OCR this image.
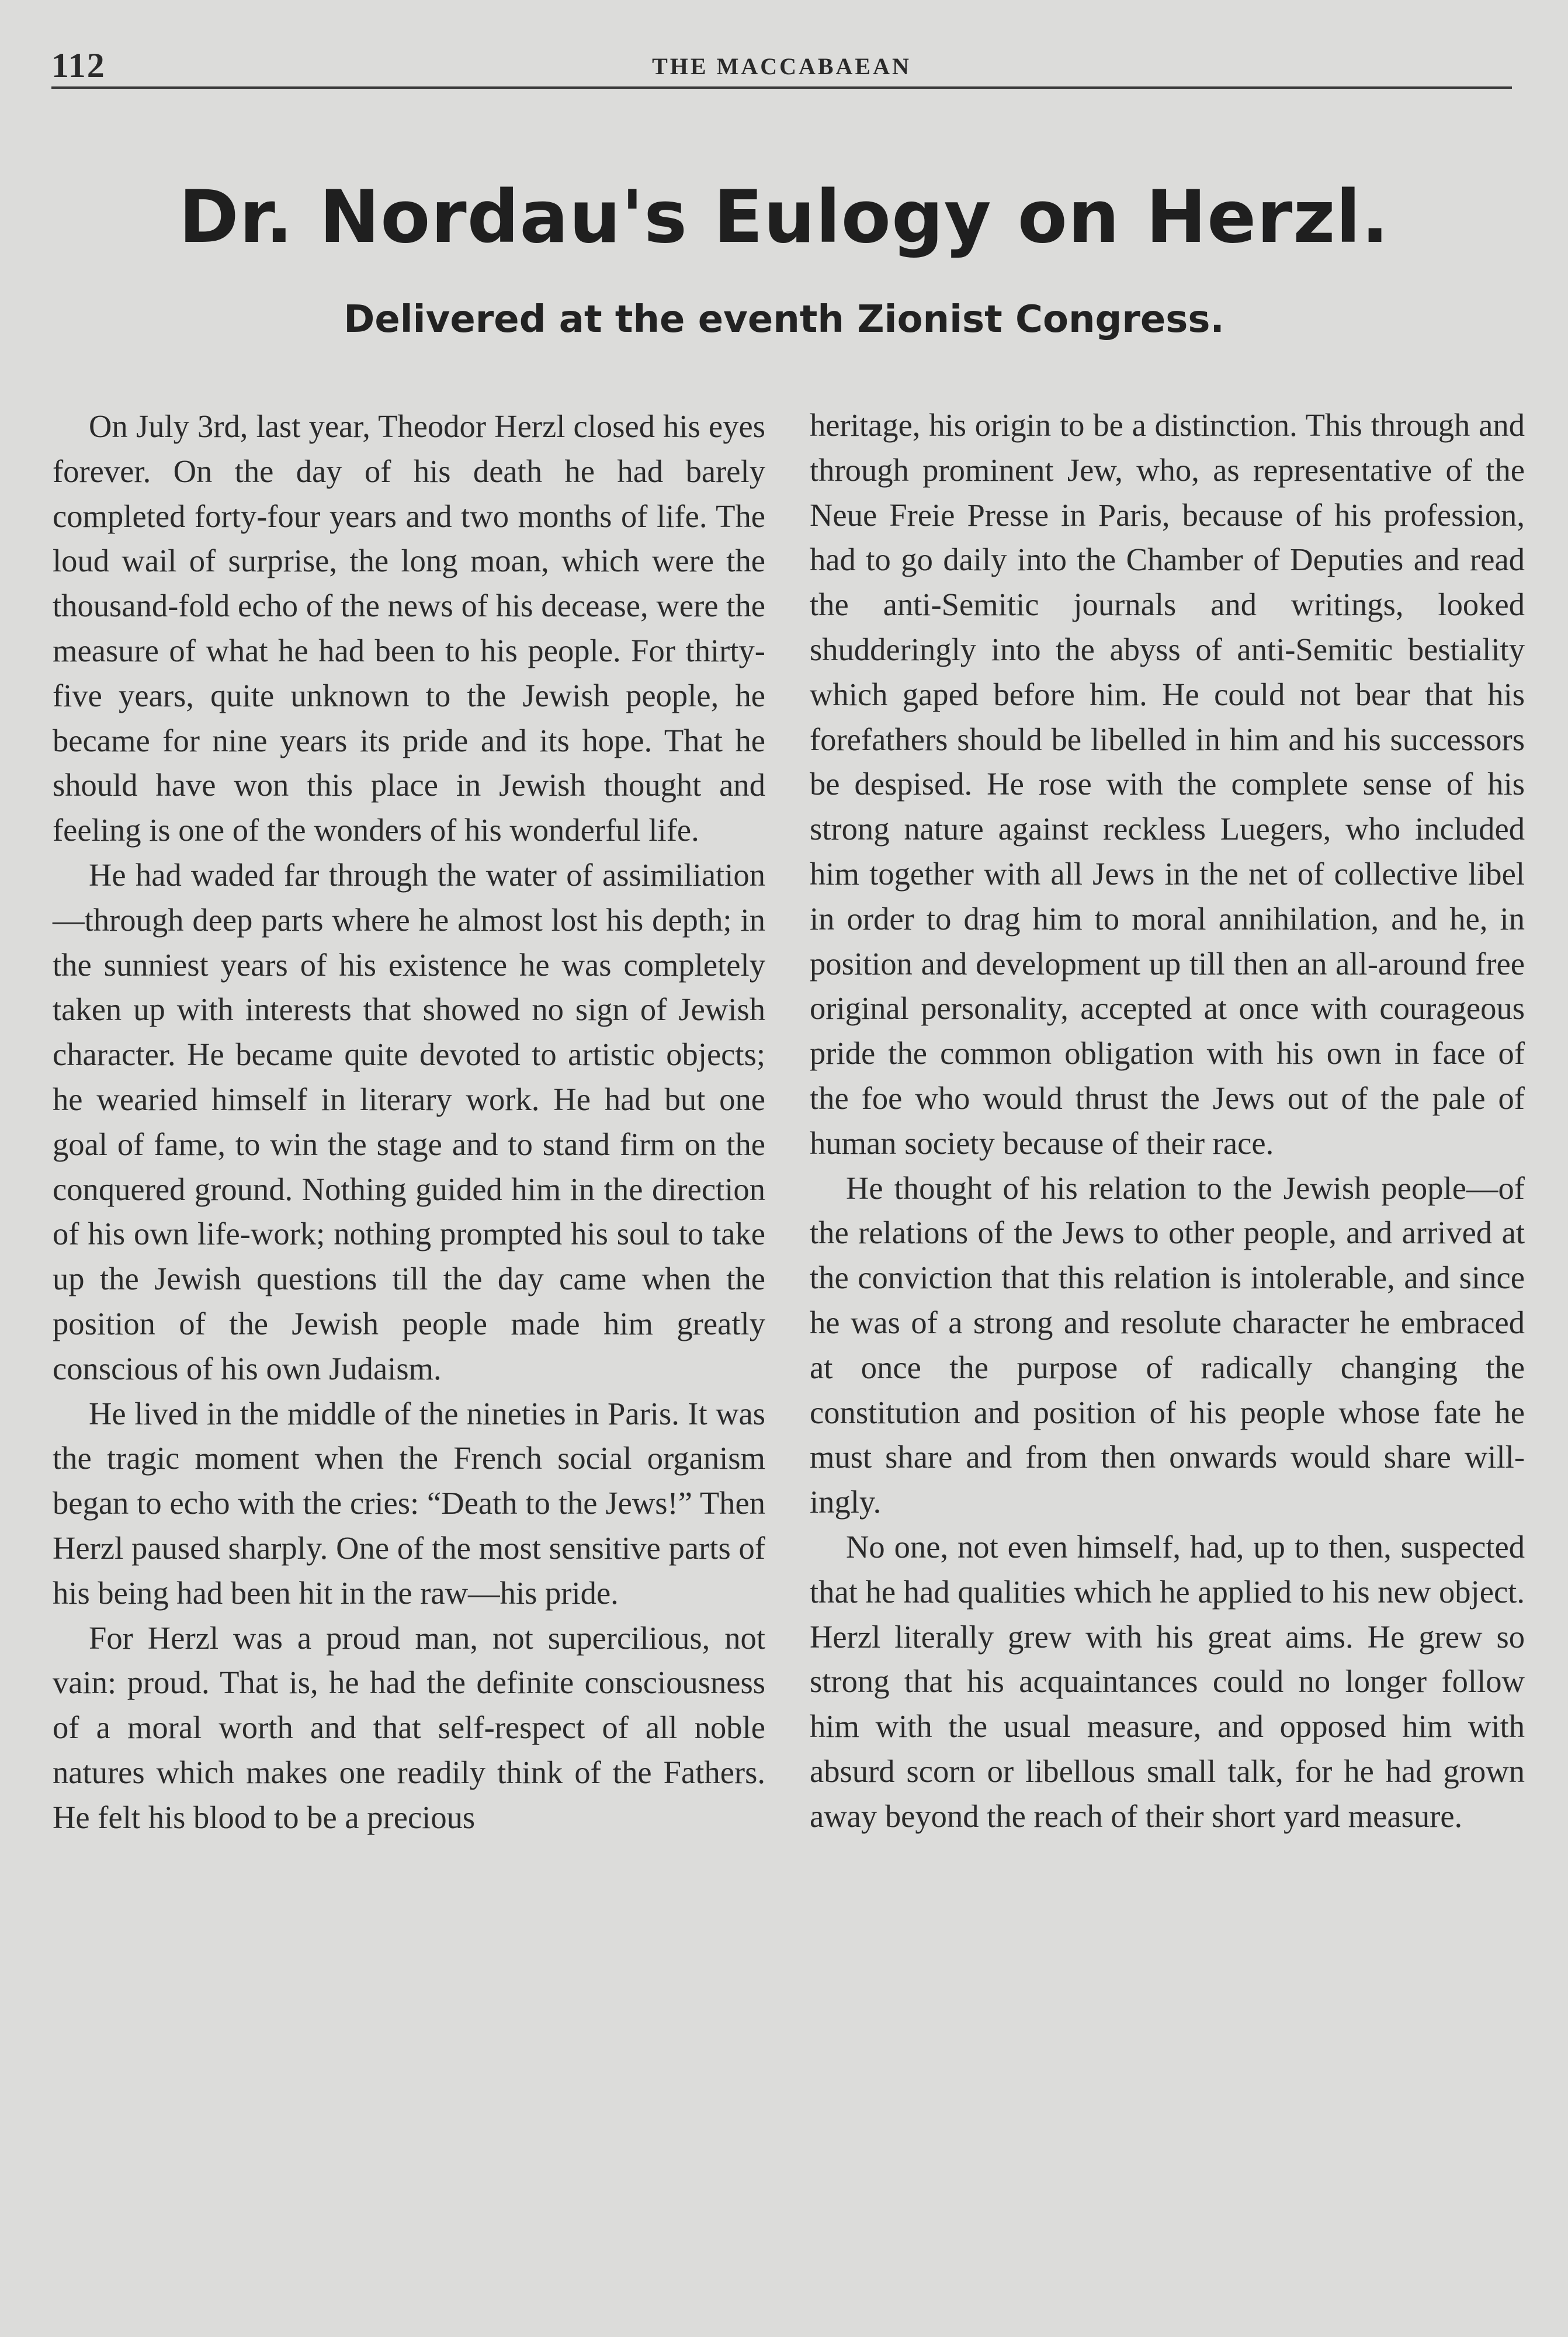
112	THE MACCABAEAN
Dr. Nordau's Eulogy on Herzl.
Delivered at the eventh Zionist Congress.

On July 3rd, last year, Theodor Herzl closed his eyes forever. On the day of his death he had barely completed forty-four years and two months of life. The loud wail of surprise, the long moan, which were the thousand-fold echo of the news of his decease, were the measure of what he had been to his people. For thirty-five years, quite unknown to the Jewish people, he became for nine years its pride and its hope. That he should have won this place in Jewish thought and feeling is one of the wonders of his wonderful life.

He had waded far through the water of assimiliation—through deep parts where he almost lost his depth; in the sunniest years of his existence he was completely taken up with interests that showed no sign of Jewish character. He became quite devoted to artistic objects; he wearied himself in literary work. He had but one goal of fame, to win the stage and to stand firm on the conquered ground. Nothing guided him in the direction of his own life-work; nothing prompted his soul to take up the Jewish questions till the day came when the position of the Jewish people made him greatly conscious of his own Judaism.

He lived in the middle of the nineties in Paris. It was the tragic moment when the French social organism began to echo with the cries: “Death to the Jews!” Then Herzl paused sharply. One of the most sensitive parts of his being had been hit in the raw—his pride.

For Herzl was a proud man, not supercilious, not vain: proud. That is, he had the definite consciousness of a moral worth and that self-respect of all noble natures which makes one readily think of the Fathers. He felt his blood to be a precious

heritage, his origin to be a distinction. This through and through prominent Jew, who, as representative of the Neue Freie Presse in Paris, because of his profession, had to go daily into the Chamber of Deputies and read the anti-Semitic journals and writings, looked shudderingly into the abyss of anti-Semitic bestiality which gaped before him. He could not bear that his forefathers should be libelled in him and his successors be despised. He rose with the complete sense of his strong nature against reckless Luegers, who included him together with all Jews in the net of collective libel in order to drag him to moral annihilation, and he, in position and development up till then an all-around free original personality, accepted at once with courageous pride the common obligation with his own in face of the foe who would thrust the Jews out of the pale of human society because of their race.

He thought of his relation to the Jewish people—of the relations of the Jews to other people, and arrived at the conviction that this relation is intolerable, and since he was of a strong and resolute character he embraced at once the purpose of radically changing the constitution and position of his people whose fate he must share and from then onwards would share willingly.

No one, not even himself, had, up to then, suspected that he had qualities which he applied to his new object. Herzl literally grew with his great aims. He grew so strong that his acquaintances could no longer follow him with the usual measure, and opposed him with absurd scorn or libellous small talk, for he had grown away beyond the reach of their short yard measure.
